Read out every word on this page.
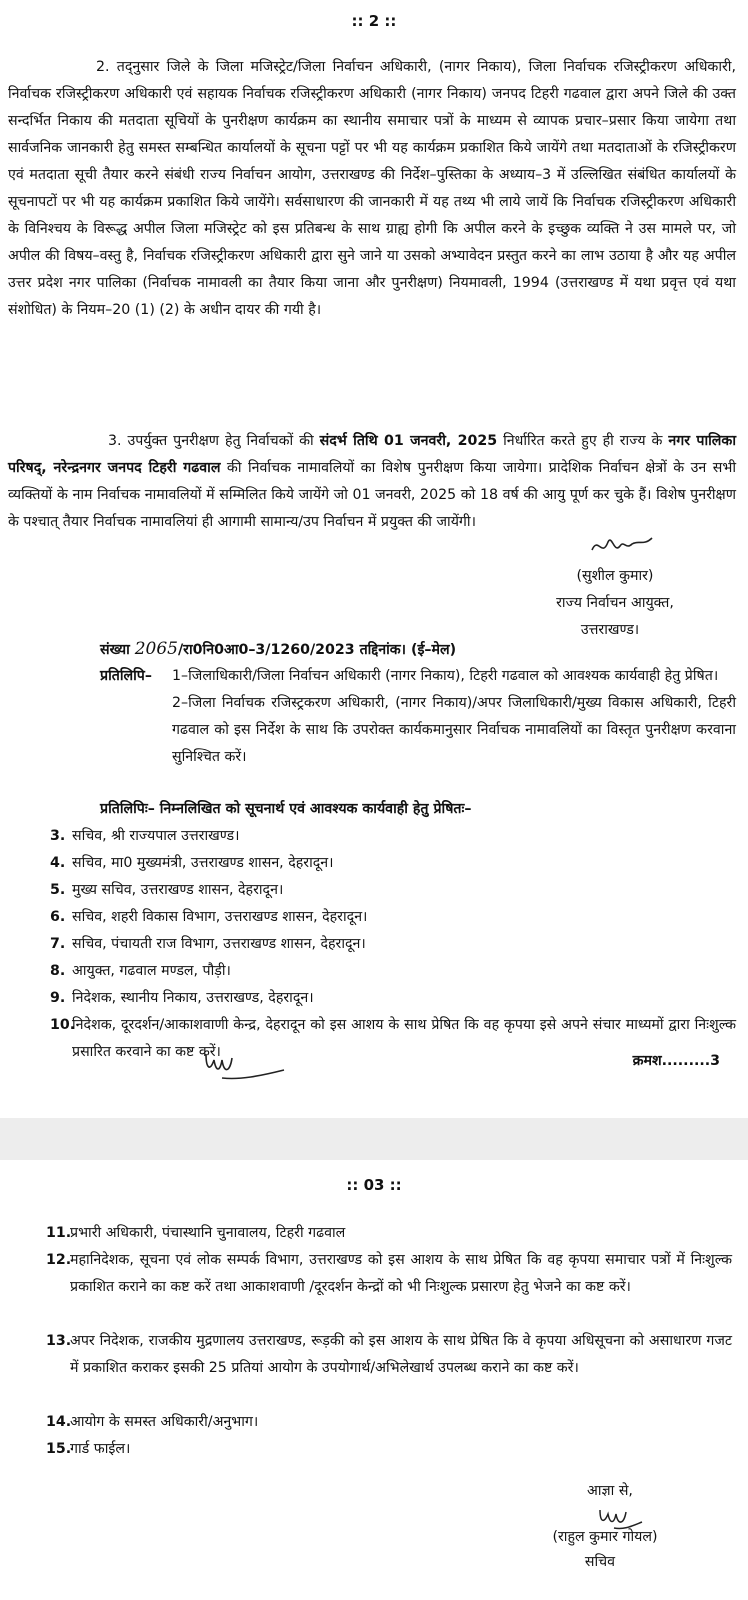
:: 2 ::
2. तद्नुसार जिले के जिला मजिस्ट्रेट/जिला निर्वाचन अधिकारी, (नागर निकाय), जिला निर्वाचक रजिस्ट्रीकरण अधिकारी, निर्वाचक रजिस्ट्रीकरण अधिकारी एवं सहायक निर्वाचक रजिस्ट्रीकरण अधिकारी (नागर निकाय) जनपद टिहरी गढवाल द्वारा अपने जिले की उक्त सन्दर्भित निकाय की मतदाता सूचियों के पुनरीक्षण कार्यक्रम का स्थानीय समाचार पत्रों के माध्यम से व्यापक प्रचार–प्रसार किया जायेगा तथा सार्वजनिक जानकारी हेतु समस्त सम्बन्धित कार्यालयों के सूचना पट्टों पर भी यह कार्यक्रम प्रकाशित किये जायेंगे तथा मतदाताओं के रजिस्ट्रीकरण एवं मतदाता सूची तैयार करने संबंधी राज्य निर्वाचन आयोग, उत्तराखण्ड की निर्देश–पुस्तिका के अध्याय–3 में उल्लिखित संबंधित कार्यालयों के सूचनापटों पर भी यह कार्यक्रम प्रकाशित किये जायेंगे। सर्वसाधारण की जानकारी में यह तथ्य भी लाये जायें कि निर्वाचक रजिस्ट्रीकरण अधिकारी के विनिश्चय के विरूद्ध अपील जिला मजिस्ट्रेट को इस प्रतिबन्ध के साथ ग्राह्य होगी कि अपील करने के इच्छुक व्यक्ति ने उस मामले पर, जो अपील की विषय–वस्तु है, निर्वाचक रजिस्ट्रीकरण अधिकारी द्वारा सुने जाने या उसको अभ्यावेदन प्रस्तुत करने का लाभ उठाया है और यह अपील उत्तर प्रदेश नगर पालिका (निर्वाचक नामावली का तैयार किया जाना और पुनरीक्षण) नियमावली, 1994 (उत्तराखण्ड में यथा प्रवृत्त एवं यथा संशोधित) के नियम–20 (1) (2) के अधीन दायर की गयी है।
3. उपर्युक्त पुनरीक्षण हेतु निर्वाचकों की संदर्भ तिथि 01 जनवरी, 2025 निर्धारित करते हुए ही राज्य के नगर पालिका परिषद्, नरेन्द्रनगर जनपद टिहरी गढवाल की निर्वाचक नामावलियों का विशेष पुनरीक्षण किया जायेगा। प्रादेशिक निर्वाचन क्षेत्रों के उन सभी व्यक्तियों के नाम निर्वाचक नामावलियों में सम्मिलित किये जायेंगे जो 01 जनवरी, 2025 को 18 वर्ष की आयु पूर्ण कर चुके हैं। विशेष पुनरीक्षण के पश्चात् तैयार निर्वाचक नामावलियां ही आगामी सामान्य/उप निर्वाचन में प्रयुक्त की जायेंगी।
(सुशील कुमार)
राज्य निर्वाचन आयुक्त,
उत्तराखण्ड।
संख्या 2065/रा0नि0आ0–3/1260/2023 तद्दिनांक। (ई–मेल)
प्रतिलिपि– 1–जिलाधिकारी/जिला निर्वाचन अधिकारी (नागर निकाय), टिहरी गढवाल को आवश्यक कार्यवाही हेतु प्रेषित।
2–जिला निर्वाचक रजिस्ट्रकरण अधिकारी, (नागर निकाय)/अपर जिलाधिकारी/मुख्य विकास अधिकारी, टिहरी गढवाल को इस निर्देश के साथ कि उपरोक्त कार्यकमानुसार निर्वाचक नामावलियों का विस्तृत पुनरीक्षण करवाना सुनिश्चित करें।
प्रतिलिपिः– निम्नलिखित को सूचनार्थ एवं आवश्यक कार्यवाही हेतु प्रेषितः–
3. सचिव, श्री राज्यपाल उत्तराखण्ड।
4. सचिव, मा0 मुख्यमंत्री, उत्तराखण्ड शासन, देहरादून।
5. मुख्य सचिव, उत्तराखण्ड शासन, देहरादून।
6. सचिव, शहरी विकास विभाग, उत्तराखण्ड शासन, देहरादून।
7. सचिव, पंचायती राज विभाग, उत्तराखण्ड शासन, देहरादून।
8. आयुक्त, गढवाल मण्डल, पौड़ी।
9. निदेशक, स्थानीय निकाय, उत्तराखण्ड, देहरादून।
10.
निदेशक, दूरदर्शन/आकाशवाणी केन्द्र, देहरादून को इस आशय के साथ प्रेषित कि वह कृपया इसे अपने संचार माध्यमों द्वारा निःशुल्क प्रसारित करवाने का कष्ट करें।
क्रमश.........3
:: 03 ::
11.
प्रभारी अधिकारी, पंचास्थानि चुनावालय, टिहरी गढवाल
12.
महानिदेशक, सूचना एवं लोक सम्पर्क विभाग, उत्तराखण्ड को इस आशय के साथ प्रेषित कि वह कृपया समाचार पत्रों में निःशुल्क प्रकाशित कराने का कष्ट करें तथा आकाशवाणी /दूरदर्शन केन्द्रों को भी निःशुल्क प्रसारण हेतु भेजने का कष्ट करें।
13.
अपर निदेशक, राजकीय मुद्रणालय उत्तराखण्ड, रूड़की को इस आशय के साथ प्रेषित कि वे कृपया अधिसूचना को असाधारण गजट में प्रकाशित कराकर इसकी 25 प्रतियां आयोग के उपयोगार्थ/अभिलेखार्थ उपलब्ध कराने का कष्ट करें।
14.
आयोग के समस्त अधिकारी/अनुभाग।
15.
गार्ड फाईल।
आज्ञा से,
(राहुल कुमार गोयल)
सचिव
